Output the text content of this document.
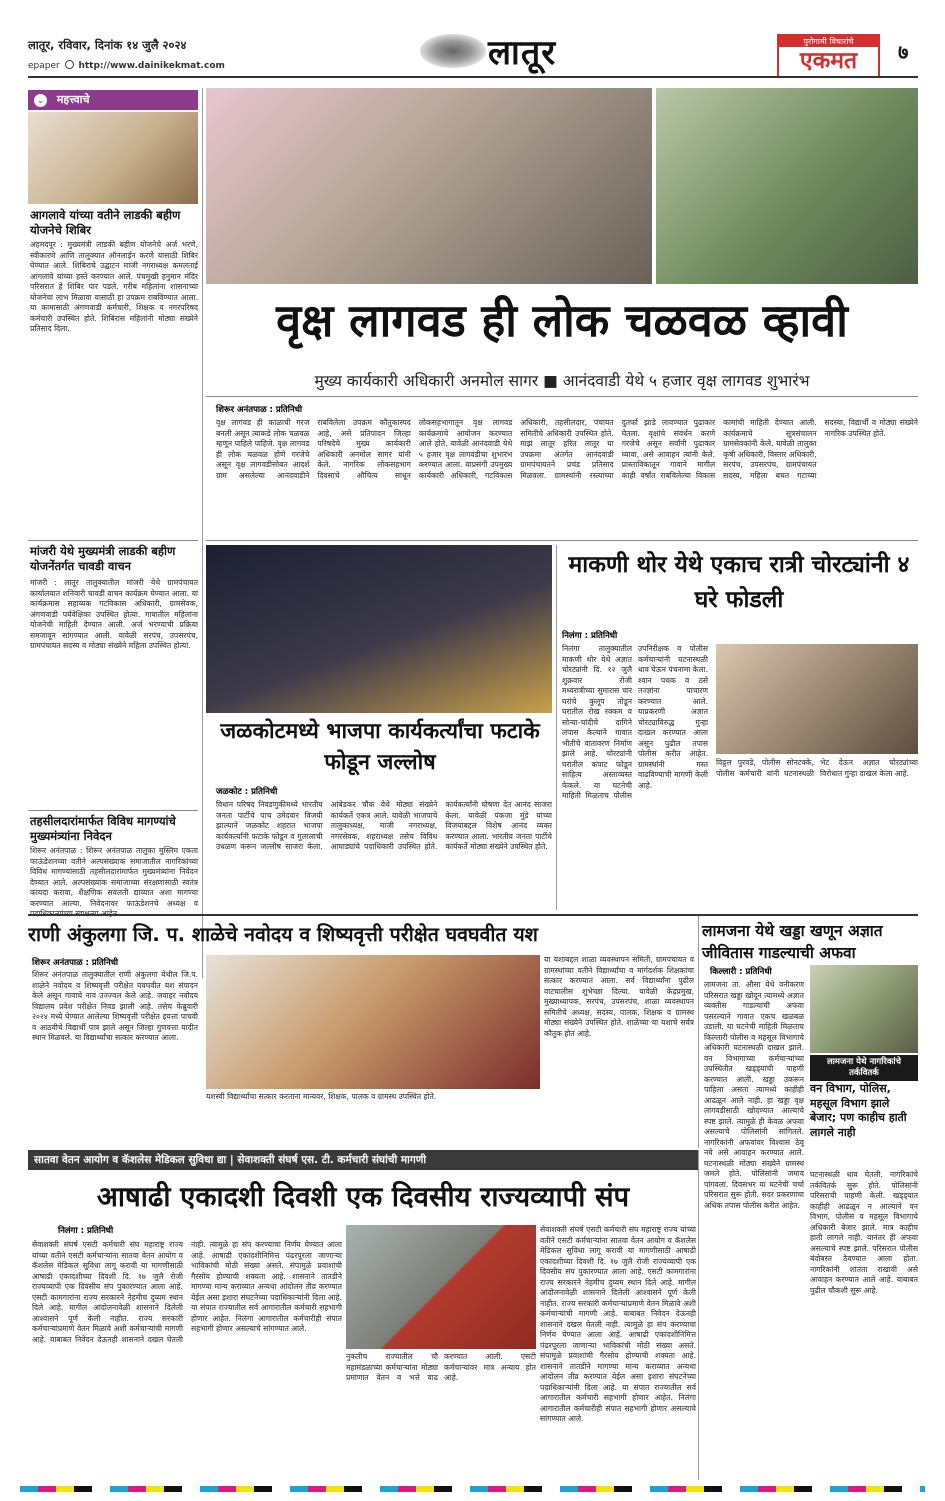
लातूर, रविवार, दिनांक १४ जुलै २०२४
epaper http://www.dainikekmat.com	लातूर	पुरोगामी विचारांचे
एकमत	७
⌄ महत्त्वाचे
आगलावे यांच्या वतीने लाडकी बहीण योजनेचे शिबिर
अहमदपूर : मुख्यमंत्री लाडकी बहीण योजनेचे अर्ज भरणे, स्वीकारणे आणि तालुक्यात ऑनलाईन करणे यासाठी शिबिर घेण्यात आले. शिबिराचे उद्घाटन माजी नगराध्यक्ष कमलताई आगलावे यांच्या हस्ते करण्यात आले. पंचमुखी हनुमान मंदिर परिसरात हे शिबिर पार पडले. गरीब महिलांना शासनाच्या योजनेचा लाभ मिळावा यासाठी हा उपक्रम राबविण्यात आला. या कामासाठी अंगणवाडी कर्मचारी, शिक्षक व नगरपरिषद कर्मचारी उपस्थित होते. शिबिरास महिलांनी मोठ्या संख्येने प्रतिसाद दिला.
मांजरी येथे मुख्यमंत्री लाडकी बहीण योजनेंतर्गत चावडी वाचन
मांजरी : लातूर तालुक्यातील मांजरी येथे ग्रामपंचायत कार्यालयात शनिवारी चावडी वाचन कार्यक्रम घेण्यात आला. या कार्यक्रमास सहाय्यक गटविकास अधिकारी, ग्रामसेवक, अंगणवाडी पर्यवेक्षिका उपस्थित होत्या. गावातील महिलांना योजनेची माहिती देण्यात आली. अर्ज भरण्याची प्रक्रिया समजावून सांगण्यात आली. यावेळी सरपंच, उपसरपंच, ग्रामपंचायत सदस्य व मोठ्या संख्येने महिला उपस्थित होत्या.
तहसीलदारांमार्फत विविध मागण्यांचे मुख्यमंत्र्यांना निवेदन
शिरूर अनंतपाळ : शिरूर अनंतपाळ तालुका मुस्लिम एकता फाऊंडेशनच्या वतीने अल्पसंख्याक समाजातील नागरिकांच्या विविध मागण्यांसाठी तहसीलदारांमार्फत मुख्यमंत्र्यांना निवेदन देण्यात आले. अल्पसंख्याक समाजाच्या संरक्षणासाठी स्वतंत्र कायदा करावा, शैक्षणिक सवलती द्याव्यात अशा मागण्या करण्यात आल्या. निवेदनावर फाऊंडेशनचे अध्यक्ष व
वृक्ष लागवड ही लोक चळवळ व्हावी
मुख्य कार्यकारी अधिकारी अनमोल सागर ■ आनंदवाडी येथे ५ हजार वृक्ष लागवड शुभारंभ
शिरूर अनंतपाळ : प्रतिनिधी
वृक्ष लागवड ही काळाची गरज बनली असून त्याकडे लोक चळवळ म्हणून पाहिले पाहिजे. वृक्ष लागवड ही लोक चळवळ होणे गरजेचे असून वृक्ष लागवडीसोबत आदर्श ग्राम असलेल्या आनंदवाडीने राबविलेला उपक्रम कौतुकास्पद आहे, असे प्रतिपादन जिल्हा परिषदेचे मुख्य कार्यकारी अधिकारी अनमोल सागर यांनी केले. नागरिक लोकसहभाग दिवसाचे औचित्य साधून लोकसहभागातून वृक्ष लागवड कार्यक्रमाचे आयोजन करण्यात आले होते. यावेळी आनंदवाडी येथे ५ हजार वृक्ष लागवडीचा शुभारंभ करण्यात आला. याप्रसंगी उपमुख्य कार्यकारी अधिकारी, गटविकास अधिकारी, तहसीलदार, पंचायत समितीचे अधिकारी उपस्थित होते. माझं लातूर हरित लातूर या उपक्रमा अंतर्गत आनंदवाडी ग्रामपंचायतने प्रचंड प्रतिसाद मिळवला. ग्रामस्थांनी रस्त्याच्या दुतर्फा झाडे लावण्यात पुढाकार घेतला. वृक्षांचे संवर्धन करणे गरजेचे असून सर्वांनी पुढाकार घ्यावा, असे आवाहन त्यांनी केले. प्रास्ताविकातून गावाने मागील काही वर्षांत राबविलेल्या विकास कामांची माहिती देण्यात आली. कार्यक्रमाचे सूत्रसंचालन ग्रामसेवकांनी केले. यावेळी तालुका कृषी अधिकारी, विस्तार अधिकारी, सरपंच, उपसरपंच, ग्रामपंचायत सदस्य, महिला बचत गटाच्या सदस्या, विद्यार्थी व मोठ्या संख्येने नागरिक उपस्थित होते.
जळकोटमध्ये भाजपा कार्यकर्त्यांचा फटाके फोडून जल्लोष
जळकोट : प्रतिनिधी
विधान परिषद निवडणुकीमध्ये भारतीय जनता पार्टीचे पाच उमेदवार विजयी झाल्याने जळकोट शहरात भाजपा कार्यकर्त्यांनी फटाके फोडून व गुलालाची उधळण करून जल्लोष साजरा केला. आंबेडकर चौक येथे मोठ्या संख्येने कार्यकर्ते एकत्र आले. यावेळी भाजपाचे तालुकाध्यक्ष, माजी नगराध्यक्ष, नगरसेवक, शहराध्यक्ष तसेच विविध आघाड्यांचे पदाधिकारी उपस्थित होते. कार्यकर्त्यांनी घोषणा देत आनंद साजरा केला. यावेळी पंकजा मुंडे यांच्या विजयाबद्दल विशेष आनंद व्यक्त करण्यात आला. भारतीय जनता पार्टीचे कार्यकर्ते मोठ्या संख्येने उपस्थित होते.
माकणी थोर येथे एकाच रात्री चोरट्यांनी ४ घरे फोडली
निलंगा : प्रतिनिधी
निलंगा तालुक्यातील माकणी थोर येथे अज्ञात चोरट्यांनी दि. १२ जुलै शुक्रवार रोजी मध्यरात्रीच्या सुमारास चार घरांचे कुलूप तोडून घरातील रोख रक्कम व सोन्या-चांदीचे दागिने लंपास केल्याने गावात भीतीचे वातावरण निर्माण झाले आहे. चोरट्यांनी घरातील कपाट फोडून साहित्य अस्ताव्यस्त फेकले. या घटनेची माहिती मिळताच पोलीस उपनिरीक्षक व पोलीस कर्मचाऱ्यांनी घटनास्थळी धाव घेऊन पंचनामा केला. श्वान पथक व ठसे तज्ज्ञांना पाचारण करण्यात आले. याप्रकरणी अज्ञात चोरट्याविरुद्ध गुन्हा दाखल करण्यात आला असून पुढील तपास पोलीस करीत आहेत. ग्रामस्थांनी गस्त वाढविण्याची मागणी केली आहे.
विठ्ठल पुरवडे, पोलीस सोनटक्के, पोलीस कर्मचारी यांनी घटनास्थळी भेट देऊन अज्ञात चोरट्यांच्या विरोधात गुन्हा दाखल केला आहे.
राणी अंकुलगा जि. प. शाळेचे नवोदय व शिष्यवृत्ती परीक्षेत घवघवीत यश
शिरूर अनंतपाळ : प्रतिनिधी
शिरूर अनंतपाळ तालुक्यातील राणी अंकुलगा येथील जि.प. शाळेने नवोदय व शिष्यवृत्ती परीक्षेत घवघवीत यश संपादन केले असून गावाचे नाव उज्ज्वल केले आहे. जवाहर नवोदय विद्यालय प्रवेश परीक्षेत निवड झाली आहे. तसेच फेब्रुवारी २०२४ मध्ये घेण्यात आलेल्या शिष्यवृत्ती परीक्षेत इयत्ता पाचवी व आठवीचे विद्यार्थी पात्र झाले असून जिल्हा गुणवत्ता यादीत स्थान मिळवले. या विद्यार्थ्यांचा सत्कार करण्यात आला.
यशस्वी विद्यार्थ्यांचा सत्कार करताना मान्यवर, शिक्षक, पालक व ग्रामस्थ उपस्थित होते.
या यशाबद्दल शाळा व्यवस्थापन समिती, ग्रामपंचायत व ग्रामस्थांच्या वतीने विद्यार्थ्यांचा व मार्गदर्शक शिक्षकांचा सत्कार करण्यात आला. सर्व विद्यार्थ्यांना पुढील वाटचालीस शुभेच्छा दिल्या. यावेळी केंद्रप्रमुख, मुख्याध्यापक, सरपंच, उपसरपंच, शाळा व्यवस्थापन समितीचे अध्यक्ष, सदस्य, पालक, शिक्षक व ग्रामस्थ मोठ्या संख्येने उपस्थित होते. शाळेच्या या यशाचे सर्वत्र कौतुक होत आहे.
लामजना येथे खड्डा खणून अज्ञात जीवितास गाडल्याची अफवा
किल्लारी : प्रतिनिधी
लामजना ता. औसा येथे वनीकरण परिसरात खड्डा खोदून त्यामध्ये अज्ञात व्यक्तीस गाडल्याची अफवा पसरल्याने गावात एकच खळबळ उडाली. या घटनेची माहिती मिळताच किल्लारी पोलीस व महसूल विभागाचे अधिकारी घटनास्थळी दाखल झाले. वन विभागाच्या कर्मचाऱ्यांच्या उपस्थितीत खड्ड्याची पाहणी करण्यात आली. खड्डा उकरून पाहिला असता त्यामध्ये काहीही आढळून आले नाही. हा खड्डा वृक्ष लागवडीसाठी खोदण्यात आल्याचे स्पष्ट झाले. त्यामुळे ही केवळ अफवा असल्याचे पोलिसांनी सांगितले. नागरिकांनी अफवांवर विश्वास ठेवू नये असे आवाहन करण्यात आले. घटनास्थळी मोठ्या संख्येने ग्रामस्थ जमले होते. पोलिसांनी जमाव पांगवला. दिवसभर या घटनेची चर्चा परिसरात सुरू होती. सदर प्रकरणाचा अधिक तपास पोलीस करीत आहेत.
लामजना येथे नागरिकांचे तर्कवितर्क
वन विभाग, पोलिस, महसूल विभाग झाले बेजार; पण काहीच हाती लागले नाही
घटनास्थळी धाव घेतली. नागरिकांचे तर्कवितर्क सुरू होते. पोलिसांनी परिसराची पाहणी केली. खड्ड्यात काहीही आढळून न आल्याने वन विभाग, पोलीस व महसूल विभागाचे अधिकारी बेजार झाले. मात्र काहीच हाती लागले नाही. यानंतर ही अफवा असल्याचे स्पष्ट झाले. परिसरात पोलीस बंदोबस्त ठेवण्यात आला होता. नागरिकांनी शांतता राखावी असे आवाहन करण्यात आले आहे. याबाबत पुढील चौकशी सुरू आहे.
सातवा वेतन आयोग व कॅशलेस मेडिकल सुविधा द्या | सेवाशक्ती संघर्ष एस. टी. कर्मचारी संघांची मागणी
आषाढी एकादशी दिवशी एक दिवसीय राज्यव्यापी संप
निलंगा : प्रतिनिधी
सेवाशक्ती संघर्ष एसटी कर्मचारी संघ महाराष्ट्र राज्य यांच्या वतीने एसटी कर्मचाऱ्यांना सातवा वेतन आयोग व कॅशलेस मेडिकल सुविधा लागू करावी या मागणीसाठी आषाढी एकादशीच्या दिवशी दि. १७ जुलै रोजी राज्यव्यापी एक दिवसीय संप पुकारण्यात आला आहे. एसटी कामगारांना राज्य सरकारने नेहमीच दुय्यम स्थान दिले आहे. मागील आंदोलनावेळी शासनाने दिलेली आश्वासने पूर्ण केली नाहीत. राज्य सरकारी कर्मचाऱ्यांप्रमाणे वेतन मिळावे अशी कर्मचाऱ्यांची मागणी आहे. याबाबत निवेदन देऊनही शासनाने दखल घेतली नाही. त्यामुळे हा संप करण्याचा निर्णय घेण्यात आला आहे. आषाढी एकादशीनिमित्त पंढरपूरला जाणाऱ्या भाविकांची मोठी संख्या असते. संपामुळे प्रवाशांची गैरसोय होण्याची शक्यता आहे. शासनाने तातडीने मागण्या मान्य कराव्यात अन्यथा आंदोलन तीव्र करण्यात येईल असा इशारा संघटनेच्या पदाधिकाऱ्यांनी दिला आहे. या संपात राज्यातील सर्व आगारातील कर्मचारी सहभागी होणार आहेत. निलंगा आगारातील कर्मचारीही संपात सहभागी होणार असल्याचे सांगण्यात आले.
नुकतीच राज्यातील चौ महामंडळाच्या कर्मचाऱ्यांना मोठ्या प्रमाणात वेतन व भत्ते वाढ करण्यात आली. एसटी कर्मचाऱ्यांवर मात्र अन्याय होत आहे.
सेवाशक्ती संघर्ष एसटी कर्मचारी संघ महाराष्ट्र राज्य यांच्या वतीने एसटी कर्मचाऱ्यांना सातवा वेतन आयोग व कॅशलेस मेडिकल सुविधा लागू करावी या मागणीसाठी आषाढी एकादशीच्या दिवशी दि. १७ जुलै रोजी राज्यव्यापी एक दिवसीय संप पुकारण्यात आला आहे. एसटी कामगारांना राज्य सरकारने नेहमीच दुय्यम स्थान दिले आहे. मागील आंदोलनावेळी शासनाने दिलेली आश्वासने पूर्ण केली नाहीत. राज्य सरकारी कर्मचाऱ्यांप्रमाणे वेतन मिळावे अशी कर्मचाऱ्यांची मागणी आहे. याबाबत निवेदन देऊनही शासनाने दखल घेतली नाही. त्यामुळे हा संप करण्याचा निर्णय घेण्यात आला आहे. आषाढी एकादशीनिमित्त पंढरपूरला जाणाऱ्या भाविकांची मोठी संख्या असते. संपामुळे प्रवाशांची गैरसोय होण्याची शक्यता आहे. शासनाने तातडीने मागण्या मान्य कराव्यात अन्यथा आंदोलन तीव्र करण्यात येईल असा इशारा संघटनेच्या पदाधिकाऱ्यांनी दिला आहे. या संपात राज्यातील सर्व आगारातील कर्मचारी सहभागी होणार आहेत. निलंगा आगारातील कर्मचारीही संपात सहभागी होणार असल्याचे सांगण्यात आले.
